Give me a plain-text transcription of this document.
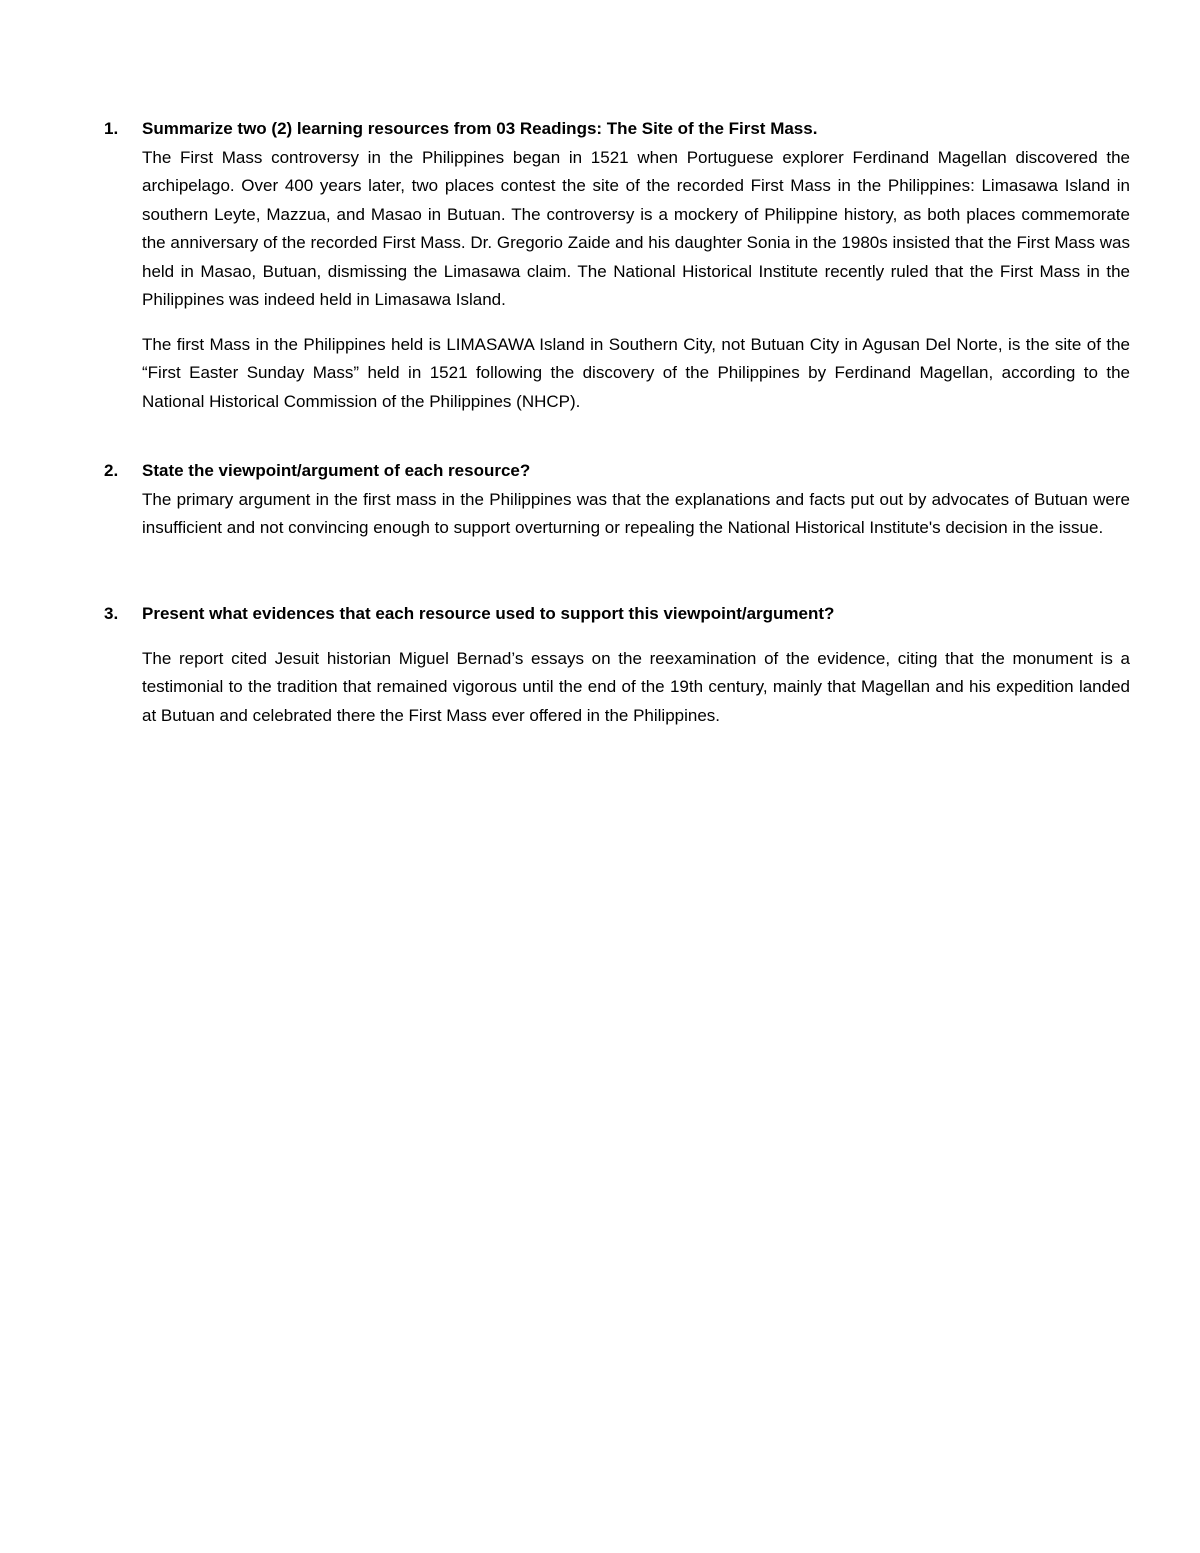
1. Summarize two (2) learning resources from 03 Readings: The Site of the First Mass.

The First Mass controversy in the Philippines began in 1521 when Portuguese explorer Ferdinand Magellan discovered the archipelago. Over 400 years later, two places contest the site of the recorded First Mass in the Philippines: Limasawa Island in southern Leyte, Mazzua, and Masao in Butuan. The controversy is a mockery of Philippine history, as both places commemorate the anniversary of the recorded First Mass. Dr. Gregorio Zaide and his daughter Sonia in the 1980s insisted that the First Mass was held in Masao, Butuan, dismissing the Limasawa claim. The National Historical Institute recently ruled that the First Mass in the Philippines was indeed held in Limasawa Island.

The first Mass in the Philippines held is LIMASAWA Island in Southern City, not Butuan City in Agusan Del Norte, is the site of the “First Easter Sunday Mass” held in 1521 following the discovery of the Philippines by Ferdinand Magellan, according to the National Historical Commission of the Philippines (NHCP).

2. State the viewpoint/argument of each resource?

The primary argument in the first mass in the Philippines was that the explanations and facts put out by advocates of Butuan were insufficient and not convincing enough to support overturning or repealing the National Historical Institute's decision in the issue.

3. Present what evidences that each resource used to support this viewpoint/argument?

The report cited Jesuit historian Miguel Bernad’s essays on the reexamination of the evidence, citing that the monument is a testimonial to the tradition that remained vigorous until the end of the 19th century, mainly that Magellan and his expedition landed at Butuan and celebrated there the First Mass ever offered in the Philippines.
